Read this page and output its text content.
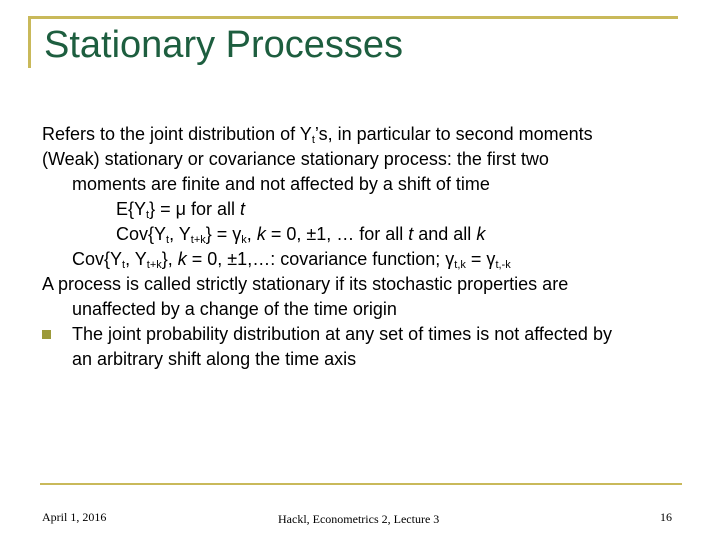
Stationary Processes
Refers to the joint distribution of $Y_t’s$, in particular to second moments
(Weak) stationary or covariance stationary process: the first two
moments are finite and not affected by a shift of time
$E\{Y_t\} = \mu$ for all t
$Cov\{Y_t$, $Y_{t+k}\} = \gamma_k$, k = 0, ±1, … for all t and all k
$Cov\{Y_t$, $Y_{t+k}$}, k = 0, ±1,…: covariance function; $\gamma_{t,k} = \gamma_{t,-k}$
A process is called strictly stationary if its stochastic properties are
unaffected by a change of the time origin
The joint probability distribution at any set of times is not affected by
an arbitrary shift along the time axis
April 1, 2016	Hackl, Econometrics 2, Lecture 3	16
